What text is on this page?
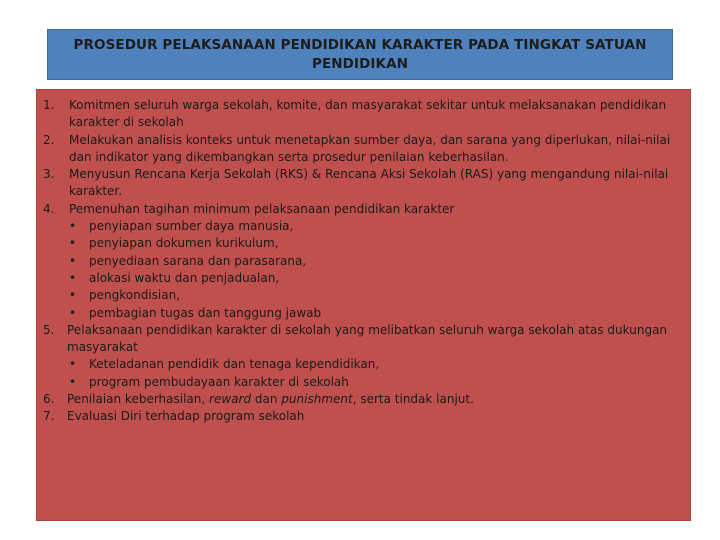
PROSEDUR PELAKSANAAN PENDIDIKAN KARAKTER PADA TINGKAT SATUAN PENDIDIKAN
1.	Komitmen seluruh warga sekolah, komite, dan masyarakat sekitar untuk melaksanakan pendidikan karakter di sekolah
2.	Melakukan analisis konteks untuk menetapkan sumber daya, dan sarana yang diperlukan, nilai-nilai dan indikator yang dikembangkan serta prosedur penilaian keberhasilan.
3.	Menyusun Rencana Kerja Sekolah (RKS) & Rencana Aksi Sekolah (RAS) yang mengandung nilai-nilai karakter.
4.	Pemenuhan tagihan minimum pelaksanaan pendidikan karakter
•	penyiapan sumber daya manusia,
•	penyiapan dokumen kurikulum,
•	penyediaan sarana dan parasarana,
•	alokasi waktu dan penjadualan,
•	pengkondisian,
•	pembagian tugas dan tanggung jawab
5.	Pelaksanaan pendidikan karakter di sekolah yang melibatkan seluruh warga sekolah atas dukungan masyarakat
•	Keteladanan pendidik dan tenaga kependidikan,
•	program pembudayaan karakter di sekolah
6.	Penilaian keberhasilan, reward dan punishment, serta tindak lanjut.
7.	Evaluasi Diri terhadap program sekolah
